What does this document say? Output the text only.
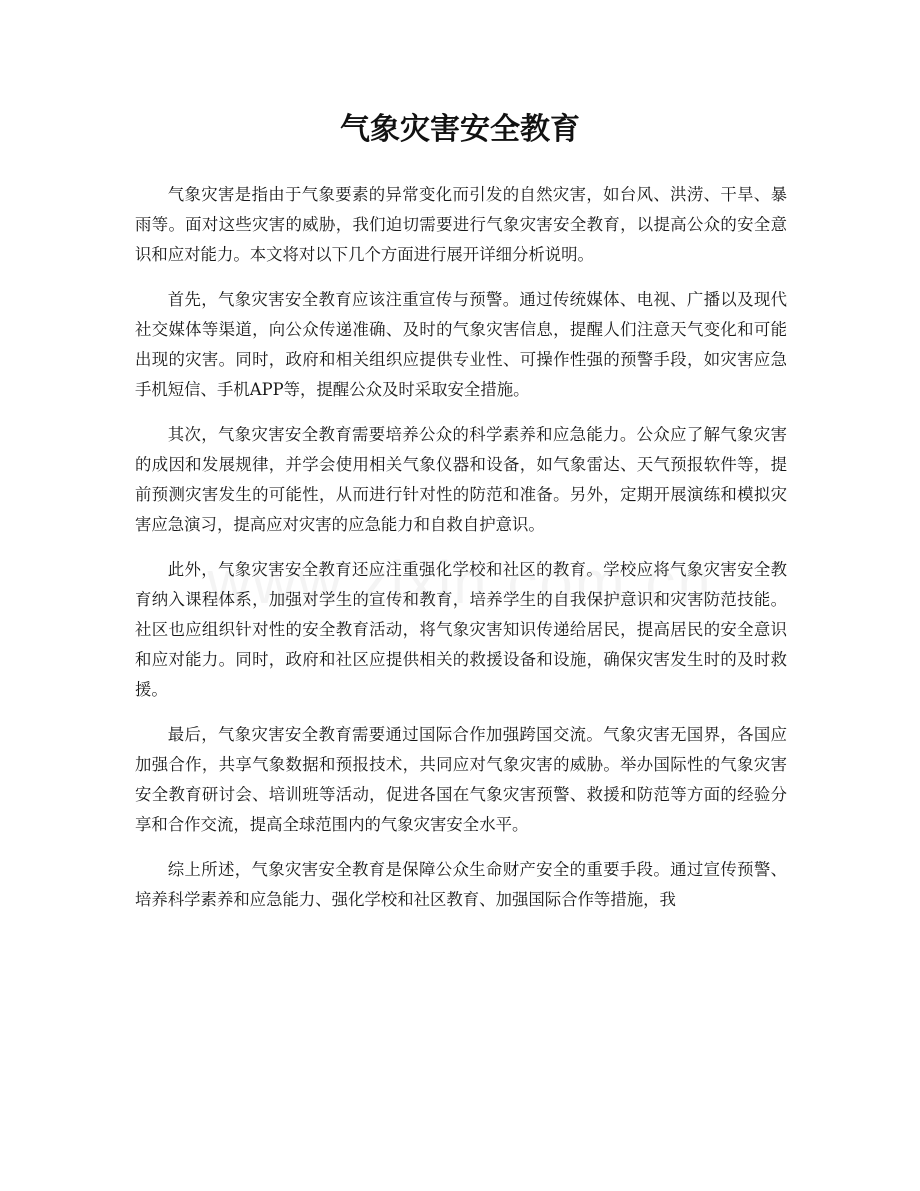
气象灾害安全教育

气象灾害是指由于气象要素的异常变化而引发的自然灾害，如台风、洪涝、干旱、暴雨等。面对这些灾害的威胁，我们迫切需要进行气象灾害安全教育，以提高公众的安全意识和应对能力。本文将对以下几个方面进行展开详细分析说明。

首先，气象灾害安全教育应该注重宣传与预警。通过传统媒体、电视、广播以及现代社交媒体等渠道，向公众传递准确、及时的气象灾害信息，提醒人们注意天气变化和可能出现的灾害。同时，政府和相关组织应提供专业性、可操作性强的预警手段，如灾害应急手机短信、手机APP等，提醒公众及时采取安全措施。

其次，气象灾害安全教育需要培养公众的科学素养和应急能力。公众应了解气象灾害的成因和发展规律，并学会使用相关气象仪器和设备，如气象雷达、天气预报软件等，提前预测灾害发生的可能性，从而进行针对性的防范和准备。另外，定期开展演练和模拟灾害应急演习，提高应对灾害的应急能力和自救自护意识。

此外，气象灾害安全教育还应注重强化学校和社区的教育。学校应将气象灾害安全教育纳入课程体系，加强对学生的宣传和教育，培养学生的自我保护意识和灾害防范技能。社区也应组织针对性的安全教育活动，将气象灾害知识传递给居民，提高居民的安全意识和应对能力。同时，政府和社区应提供相关的救援设备和设施，确保灾害发生时的及时救援。

最后，气象灾害安全教育需要通过国际合作加强跨国交流。气象灾害无国界，各国应加强合作，共享气象数据和预报技术，共同应对气象灾害的威胁。举办国际性的气象灾害安全教育研讨会、培训班等活动，促进各国在气象灾害预警、救援和防范等方面的经验分享和合作交流，提高全球范围内的气象灾害安全水平。

综上所述，气象灾害安全教育是保障公众生命财产安全的重要手段。通过宣传预警、培养科学素养和应急能力、强化学校和社区教育、加强国际合作等措施，我
